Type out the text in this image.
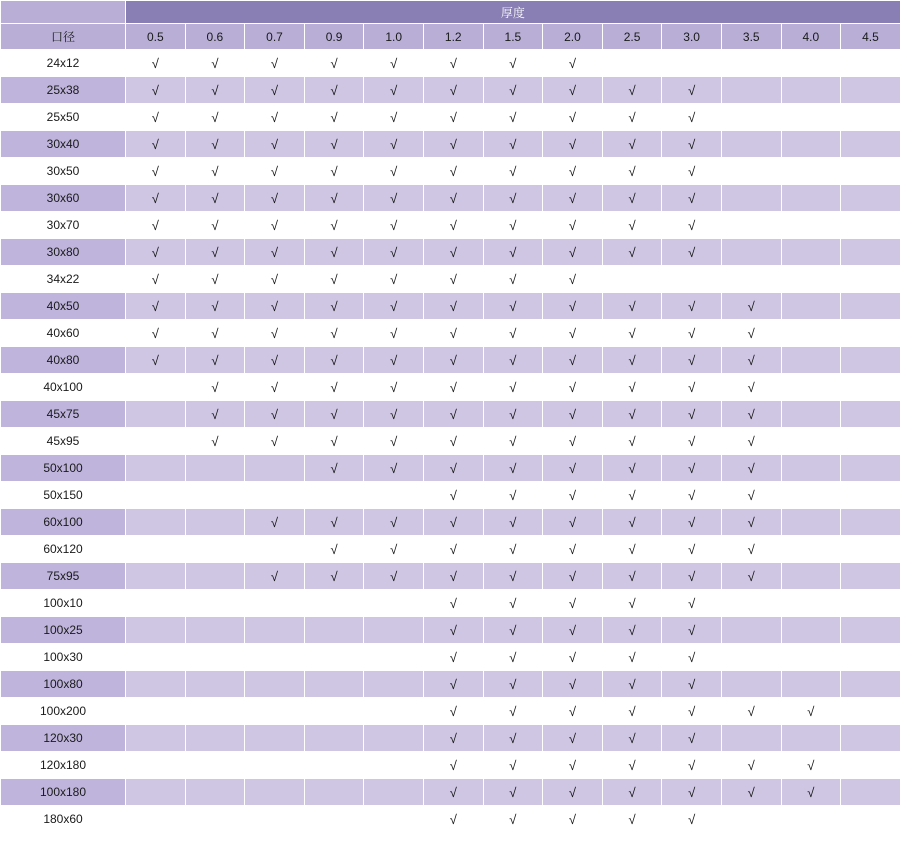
	厚度												
口径	0.5	0.6	0.7	0.9	1.0	1.2	1.5	2.0	2.5	3.0	3.5	4.0	4.5
24x12	√	√	√	√	√	√	√	√					
25x38	√	√	√	√	√	√	√	√	√	√			
25x50	√	√	√	√	√	√	√	√	√	√			
30x40	√	√	√	√	√	√	√	√	√	√			
30x50	√	√	√	√	√	√	√	√	√	√			
30x60	√	√	√	√	√	√	√	√	√	√			
30x70	√	√	√	√	√	√	√	√	√	√			
30x80	√	√	√	√	√	√	√	√	√	√			
34x22	√	√	√	√	√	√	√	√					
40x50	√	√	√	√	√	√	√	√	√	√	√		
40x60	√	√	√	√	√	√	√	√	√	√	√		
40x80	√	√	√	√	√	√	√	√	√	√	√		
40x100		√	√	√	√	√	√	√	√	√	√		
45x75		√	√	√	√	√	√	√	√	√	√		
45x95		√	√	√	√	√	√	√	√	√	√		
50x100				√	√	√	√	√	√	√	√		
50x150						√	√	√	√	√	√		
60x100			√	√	√	√	√	√	√	√	√		
60x120				√	√	√	√	√	√	√	√		
75x95			√	√	√	√	√	√	√	√	√		
100x10						√	√	√	√	√			
100x25						√	√	√	√	√			
100x30						√	√	√	√	√			
100x80						√	√	√	√	√			
100x200						√	√	√	√	√	√	√	
120x30						√	√	√	√	√			
120x180						√	√	√	√	√	√	√	
100x180						√	√	√	√	√	√	√	
180x60						√	√	√	√	√			
